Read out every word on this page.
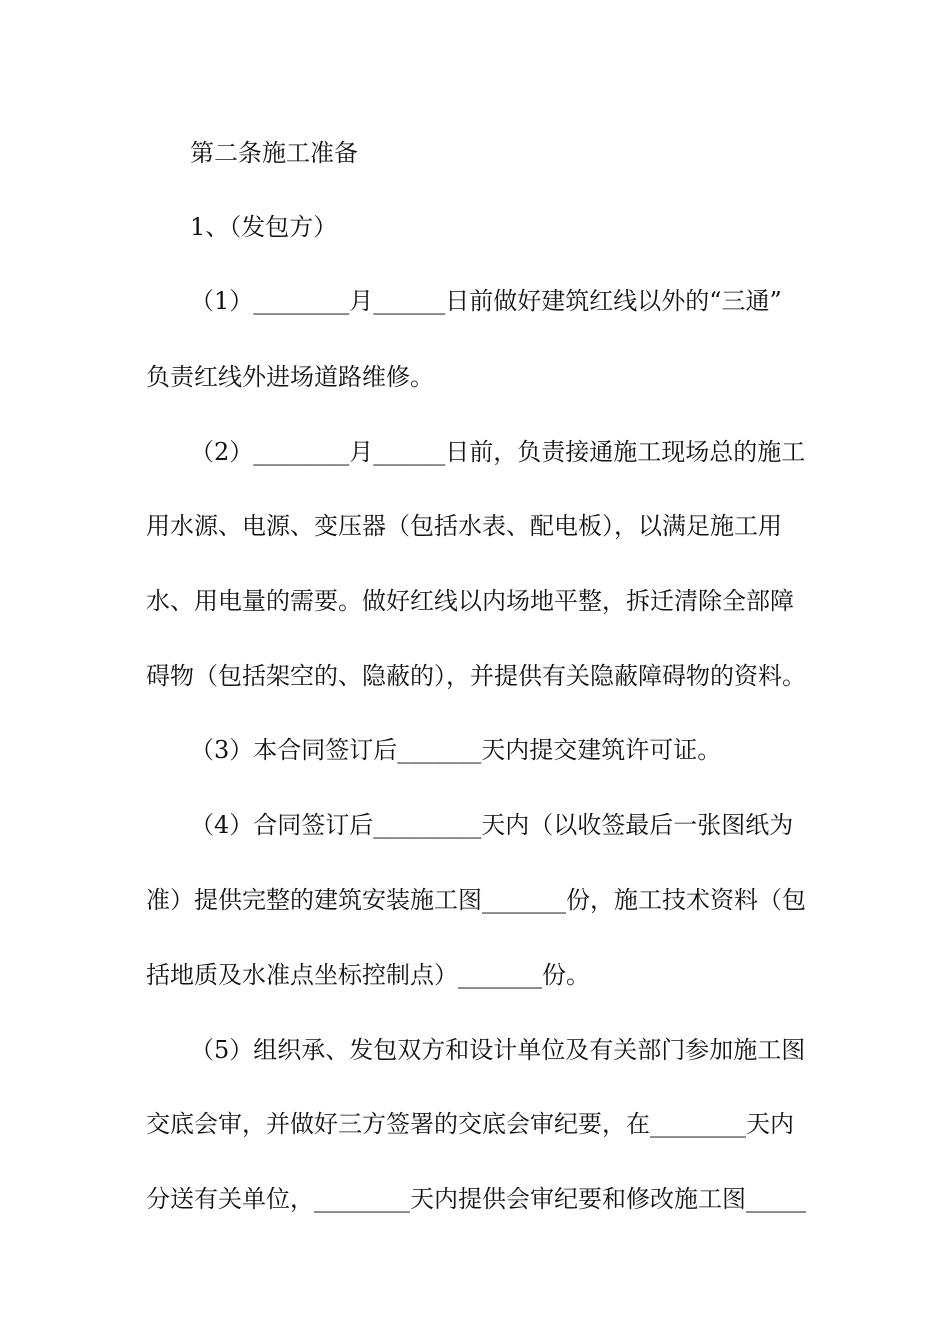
第二条施工准备
1、（发包方）
（1）________月______日前做好建筑红线以外的“三通”
负责红线外进场道路维修。
（2）________月______日前，负责接通施工现场总的施工
用水源、电源、变压器（包括水表、配电板），以满足施工用
水、用电量的需要。做好红线以内场地平整，拆迁清除全部障
碍物（包括架空的、隐蔽的），并提供有关隐蔽障碍物的资料。
（3）本合同签订后_______天内提交建筑许可证。
（4）合同签订后_________天内（以收签最后一张图纸为
准）提供完整的建筑安装施工图_______份，施工技术资料（包
括地质及水准点坐标控制点）_______份。
（5）组织承、发包双方和设计单位及有关部门参加施工图
交底会审，并做好三方签署的交底会审纪要，在________天内
分送有关单位，________天内提供会审纪要和修改施工图_____
